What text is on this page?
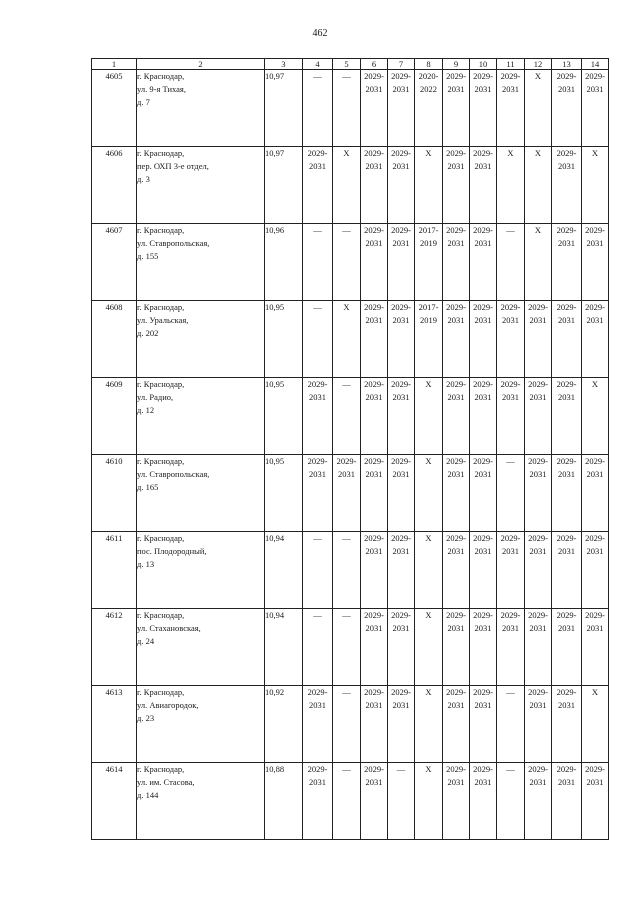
462
1	2	3	4	5	6	7	8	9	10	11	12	13	14
4605	г. Краснодар,
ул. 9-я Тихая,
д. 7	10,97	—	—	2029-
2031	2029-
2031	2020-
2022	2029-
2031	2029-
2031	2029-
2031	X	2029-
2031	2029-
2031

4606	г. Краснодар,
пер. ОХП 3-е отдел,
д. 3	10,97	2029-
2031	X	2029-
2031	2029-
2031	X	2029-
2031	2029-
2031	X	X	2029-
2031	X

4607	г. Краснодар,
ул. Ставропольская,
д. 155	10,96	—	—	2029-
2031	2029-
2031	2017-
2019	2029-
2031	2029-
2031	—	X	2029-
2031	2029-
2031

4608	г. Краснодар,
ул. Уральская,
д. 202	10,95	—	X	2029-
2031	2029-
2031	2017-
2019	2029-
2031	2029-
2031	2029-
2031	2029-
2031	2029-
2031	2029-
2031

4609	г. Краснодар,
ул. Радио,
д. 12	10,95	2029-
2031	—	2029-
2031	2029-
2031	X	2029-
2031	2029-
2031	2029-
2031	2029-
2031	2029-
2031	X

4610	г. Краснодар,
ул. Ставропольская,
д. 165	10,95	2029-
2031	2029-
2031	2029-
2031	2029-
2031	X	2029-
2031	2029-
2031	—	2029-
2031	2029-
2031	2029-
2031

4611	г. Краснодар,
пос. Плодородный,
д. 13	10,94	—	—	2029-
2031	2029-
2031	X	2029-
2031	2029-
2031	2029-
2031	2029-
2031	2029-
2031	2029-
2031

4612	г. Краснодар,
ул. Стахановская,
д. 24	10,94	—	—	2029-
2031	2029-
2031	X	2029-
2031	2029-
2031	2029-
2031	2029-
2031	2029-
2031	2029-
2031

4613	г. Краснодар,
ул. Авиагородок,
д. 23	10,92	2029-
2031	—	2029-
2031	2029-
2031	X	2029-
2031	2029-
2031	—	2029-
2031	2029-
2031	X

4614	г. Краснодар,
ул. им. Стасова,
д. 144	10,88	2029-
2031	—	2029-
2031	—	X	2029-
2031	2029-
2031	—	2029-
2031	2029-
2031	2029-
2031
